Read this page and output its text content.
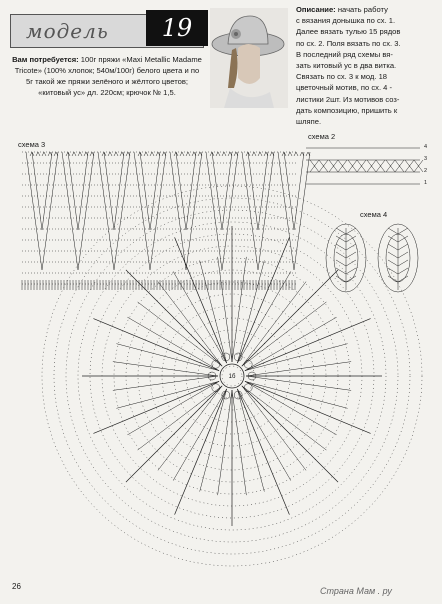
модель	19
Вам потребуется: 100г пряжи «Maxi Metallic Madame Tricote» (100% хлопок; 540м/100г) белого цвета и по 5г такой же пряжи зелёного и жёлтого цветов; «китовый ус» дл. 220см; крючок № 1,5.
Описание: начать работу
с вязания донышка по сх. 1.
Далее вязать тулью 15 рядов
по сх. 2. Поля вязать по сх. 3.
В последний ряд схемы вя-
зать китовый ус в два витка.
Связать по сх. 3 к мод. 18
цветочный мотив, по сх. 4 -
листики 2шт. Из мотивов соз-
дать композицию, пришить к
шляпе.
схема 3
схема 2
схема 4
4
3
2
1
1б
26	Страна Мам . ру
